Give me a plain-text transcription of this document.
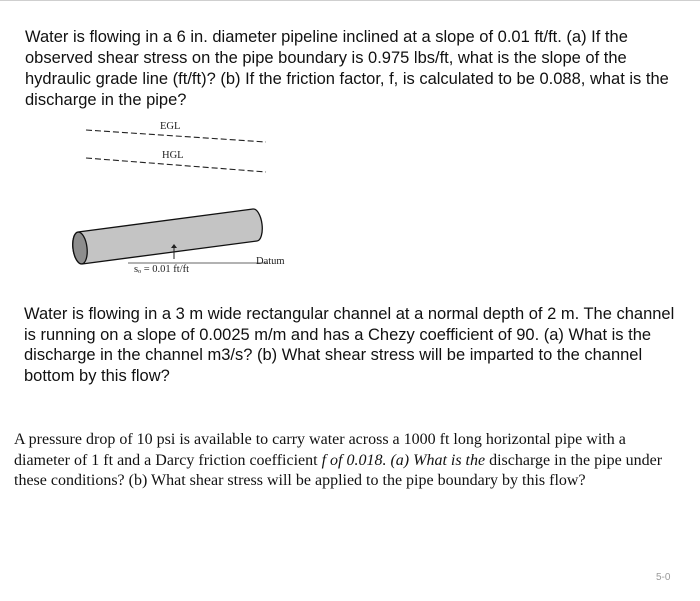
Water is flowing in a 6 in. diameter pipeline inclined at a slope of 0.01 ft/ft. (a) If the observed shear stress on the pipe boundary is 0.975 lbs/ft, what is the slope of the hydraulic grade line (ft/ft)? (b) If the friction factor, f, is calculated to be 0.088, what is the discharge in the pipe?

EGL
HGL
Datum
sₒ = 0.01 ft/ft

Water is flowing in a 3 m wide rectangular channel at a normal depth of 2 m. The channel is running on a slope of 0.0025 m/m and has a Chezy coefficient of 90. (a) What is the discharge in the channel m3/s? (b) What shear stress will be imparted to the channel bottom by this flow?

A pressure drop of 10 psi is available to carry water across a 1000 ft long horizontal pipe with a diameter of 1 ft and a Darcy friction coefficient f of 0.018. (a) What is the discharge in the pipe under these conditions? (b) What shear stress will be applied to the pipe boundary by this flow?

5-0
